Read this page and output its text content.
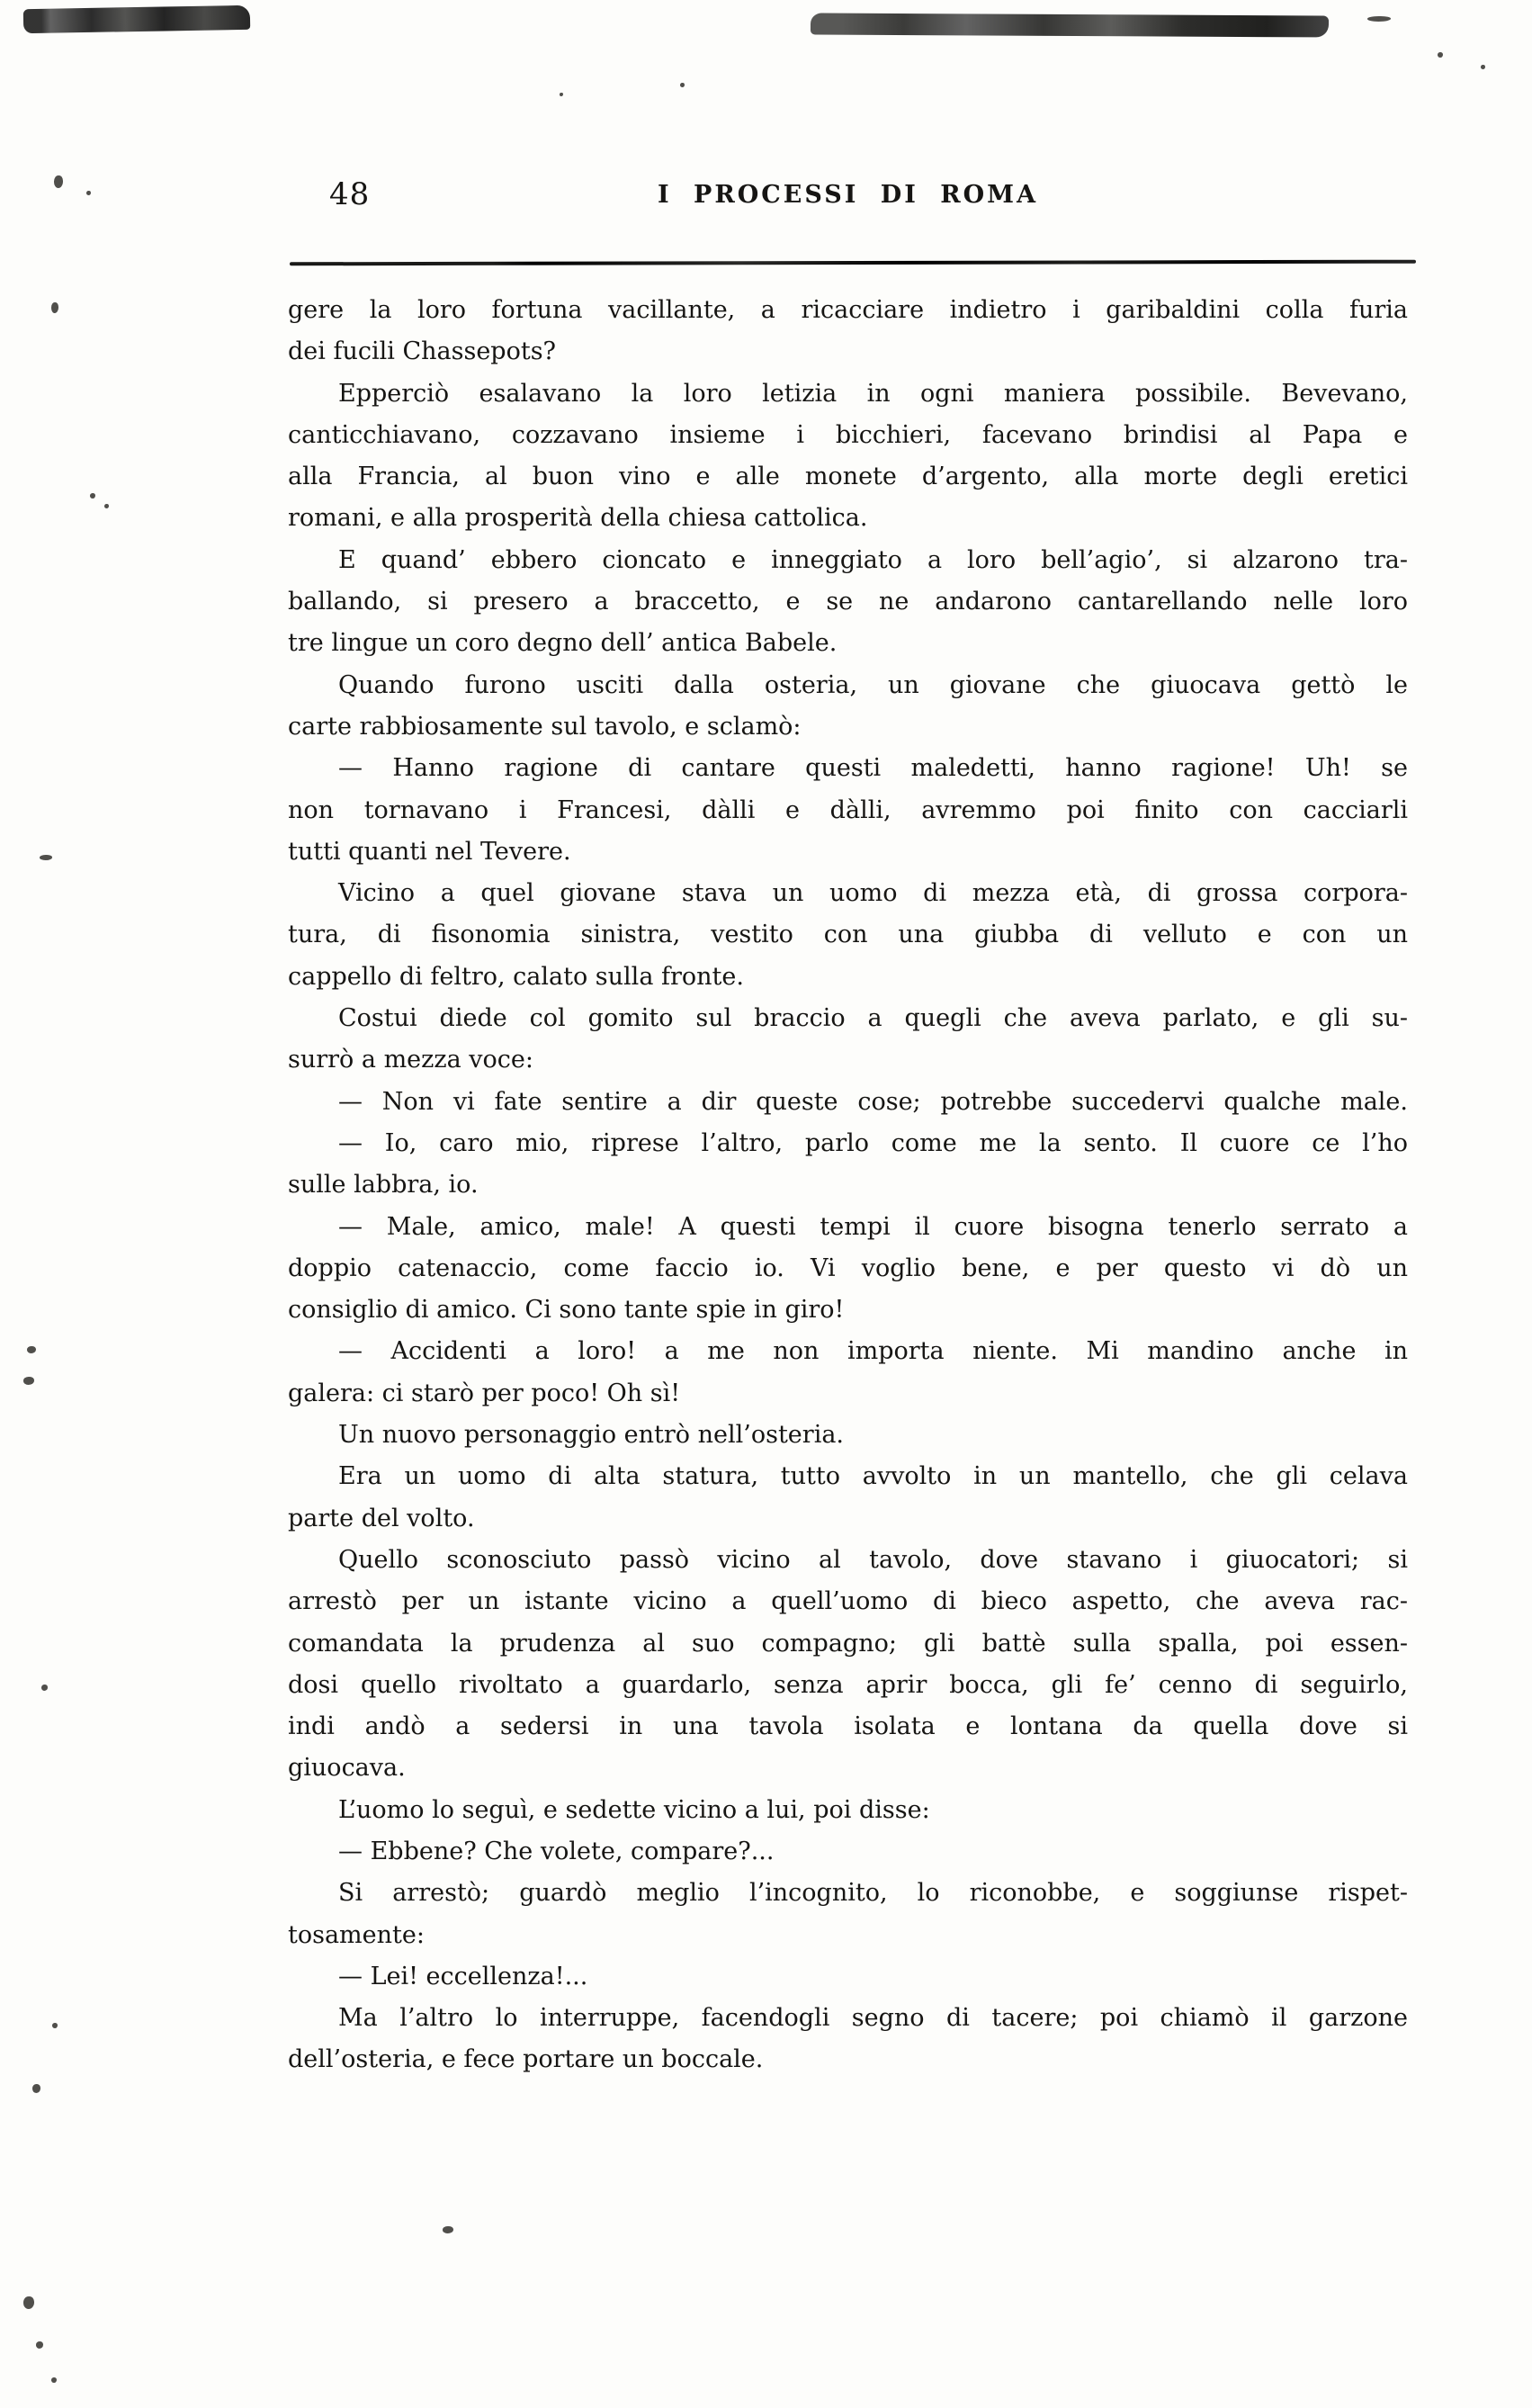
48	I PROCESSI DI ROMA
gere la loro fortuna vacillante, a ricacciare indietro i garibaldini colla furia
dei fucili Chassepots?
Epperciò esalavano la loro letizia in ogni maniera possibile. Bevevano,
canticchiavano, cozzavano insieme i bicchieri, facevano brindisi al Papa e
alla Francia, al buon vino e alle monete d’argento, alla morte degli eretici
romani, e alla prosperità della chiesa cattolica.
E quand’ ebbero cioncato e inneggiato a loro bell’agio’, si alzarono tra-
ballando, si presero a braccetto, e se ne andarono cantarellando nelle loro
tre lingue un coro degno dell’ antica Babele.
Quando furono usciti dalla osteria, un giovane che giuocava gettò le
carte rabbiosamente sul tavolo, e sclamò:
— Hanno ragione di cantare questi maledetti, hanno ragione! Uh! se
non tornavano i Francesi, dàlli e dàlli, avremmo poi finito con cacciarli
tutti quanti nel Tevere.
Vicino a quel giovane stava un uomo di mezza età, di grossa corpora-
tura, di fisonomia sinistra, vestito con una giubba di velluto e con un
cappello di feltro, calato sulla fronte.
Costui diede col gomito sul braccio a quegli che aveva parlato, e gli su-
surrò a mezza voce:
— Non vi fate sentire a dir queste cose; potrebbe succedervi qualche male.
— Io, caro mio, riprese l’altro, parlo come me la sento. Il cuore ce l’ho
sulle labbra, io.
— Male, amico, male! A questi tempi il cuore bisogna tenerlo serrato a
doppio catenaccio, come faccio io. Vi voglio bene, e per questo vi dò un
consiglio di amico. Ci sono tante spie in giro!
— Accidenti a loro! a me non importa niente. Mi mandino anche in
galera: ci starò per poco! Oh sì!
Un nuovo personaggio entrò nell’osteria.
Era un uomo di alta statura, tutto avvolto in un mantello, che gli celava
parte del volto.
Quello sconosciuto passò vicino al tavolo, dove stavano i giuocatori; si
arrestò per un istante vicino a quell’uomo di bieco aspetto, che aveva rac-
comandata la prudenza al suo compagno; gli battè sulla spalla, poi essen-
dosi quello rivoltato a guardarlo, senza aprir bocca, gli fe’ cenno di seguirlo,
indi andò a sedersi in una tavola isolata e lontana da quella dove si
giuocava.
L’uomo lo seguì, e sedette vicino a lui, poi disse:
— Ebbene? Che volete, compare?...
Si arrestò; guardò meglio l’incognito, lo riconobbe, e soggiunse rispet-
tosamente:
— Lei! eccellenza!...
Ma l’altro lo interruppe, facendogli segno di tacere; poi chiamò il garzone
dell’osteria, e fece portare un boccale.
